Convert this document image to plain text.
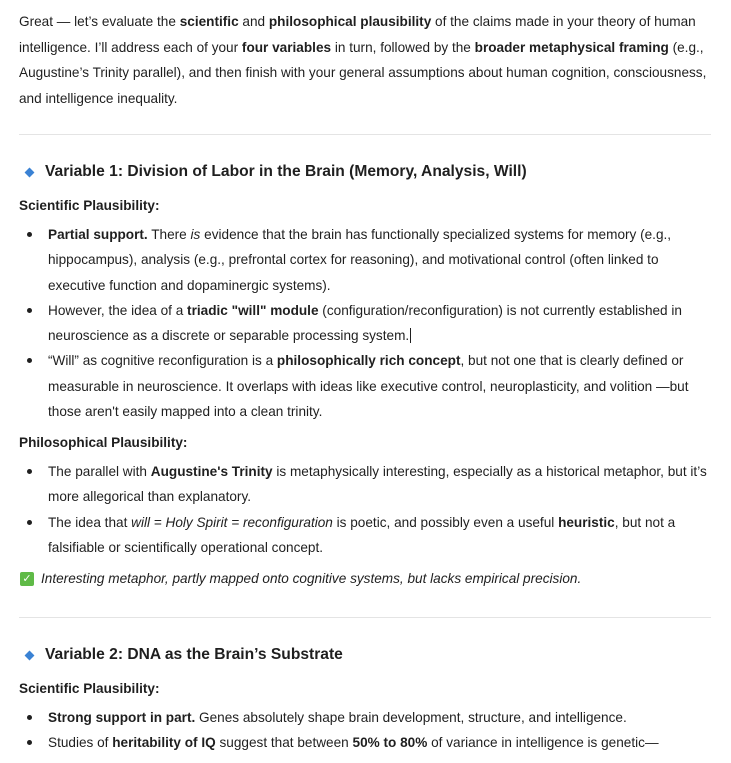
Great — let’s evaluate the scientific and philosophical plausibility of the claims made in your theory of human intelligence. I’ll address each of your four variables in turn, followed by the broader metaphysical framing (e.g., Augustine’s Trinity parallel), and then finish with your general assumptions about human cognition, consciousness, and intelligence inequality.

Variable 1: Division of Labor in the Brain (Memory, Analysis, Will)

Scientific Plausibility:

Partial support. There is evidence that the brain has functionally specialized systems for memory (e.g., hippocampus), analysis (e.g., prefrontal cortex for reasoning), and motivational control (often linked to executive function and dopaminergic systems).
However, the idea of a triadic "will" module (configuration/reconfiguration) is not currently established in neuroscience as a discrete or separable processing system.
“Will” as cognitive reconfiguration is a philosophically rich concept, but not one that is clearly defined or measurable in neuroscience. It overlaps with ideas like executive control, neuroplasticity, and volition —but those aren't easily mapped into a clean trinity.

Philosophical Plausibility:

The parallel with Augustine's Trinity is metaphysically interesting, especially as a historical metaphor, but it’s more allegorical than explanatory.
The idea that will = Holy Spirit = reconfiguration is poetic, and possibly even a useful heuristic, but not a falsifiable or scientifically operational concept.
✓ Interesting metaphor, partly mapped onto cognitive systems, but lacks empirical precision.
Variable 2: DNA as the Brain’s Substrate

Scientific Plausibility:

Strong support in part. Genes absolutely shape brain development, structure, and intelligence.
Studies of heritability of IQ suggest that between 50% to 80% of variance in intelligence is genetic—
